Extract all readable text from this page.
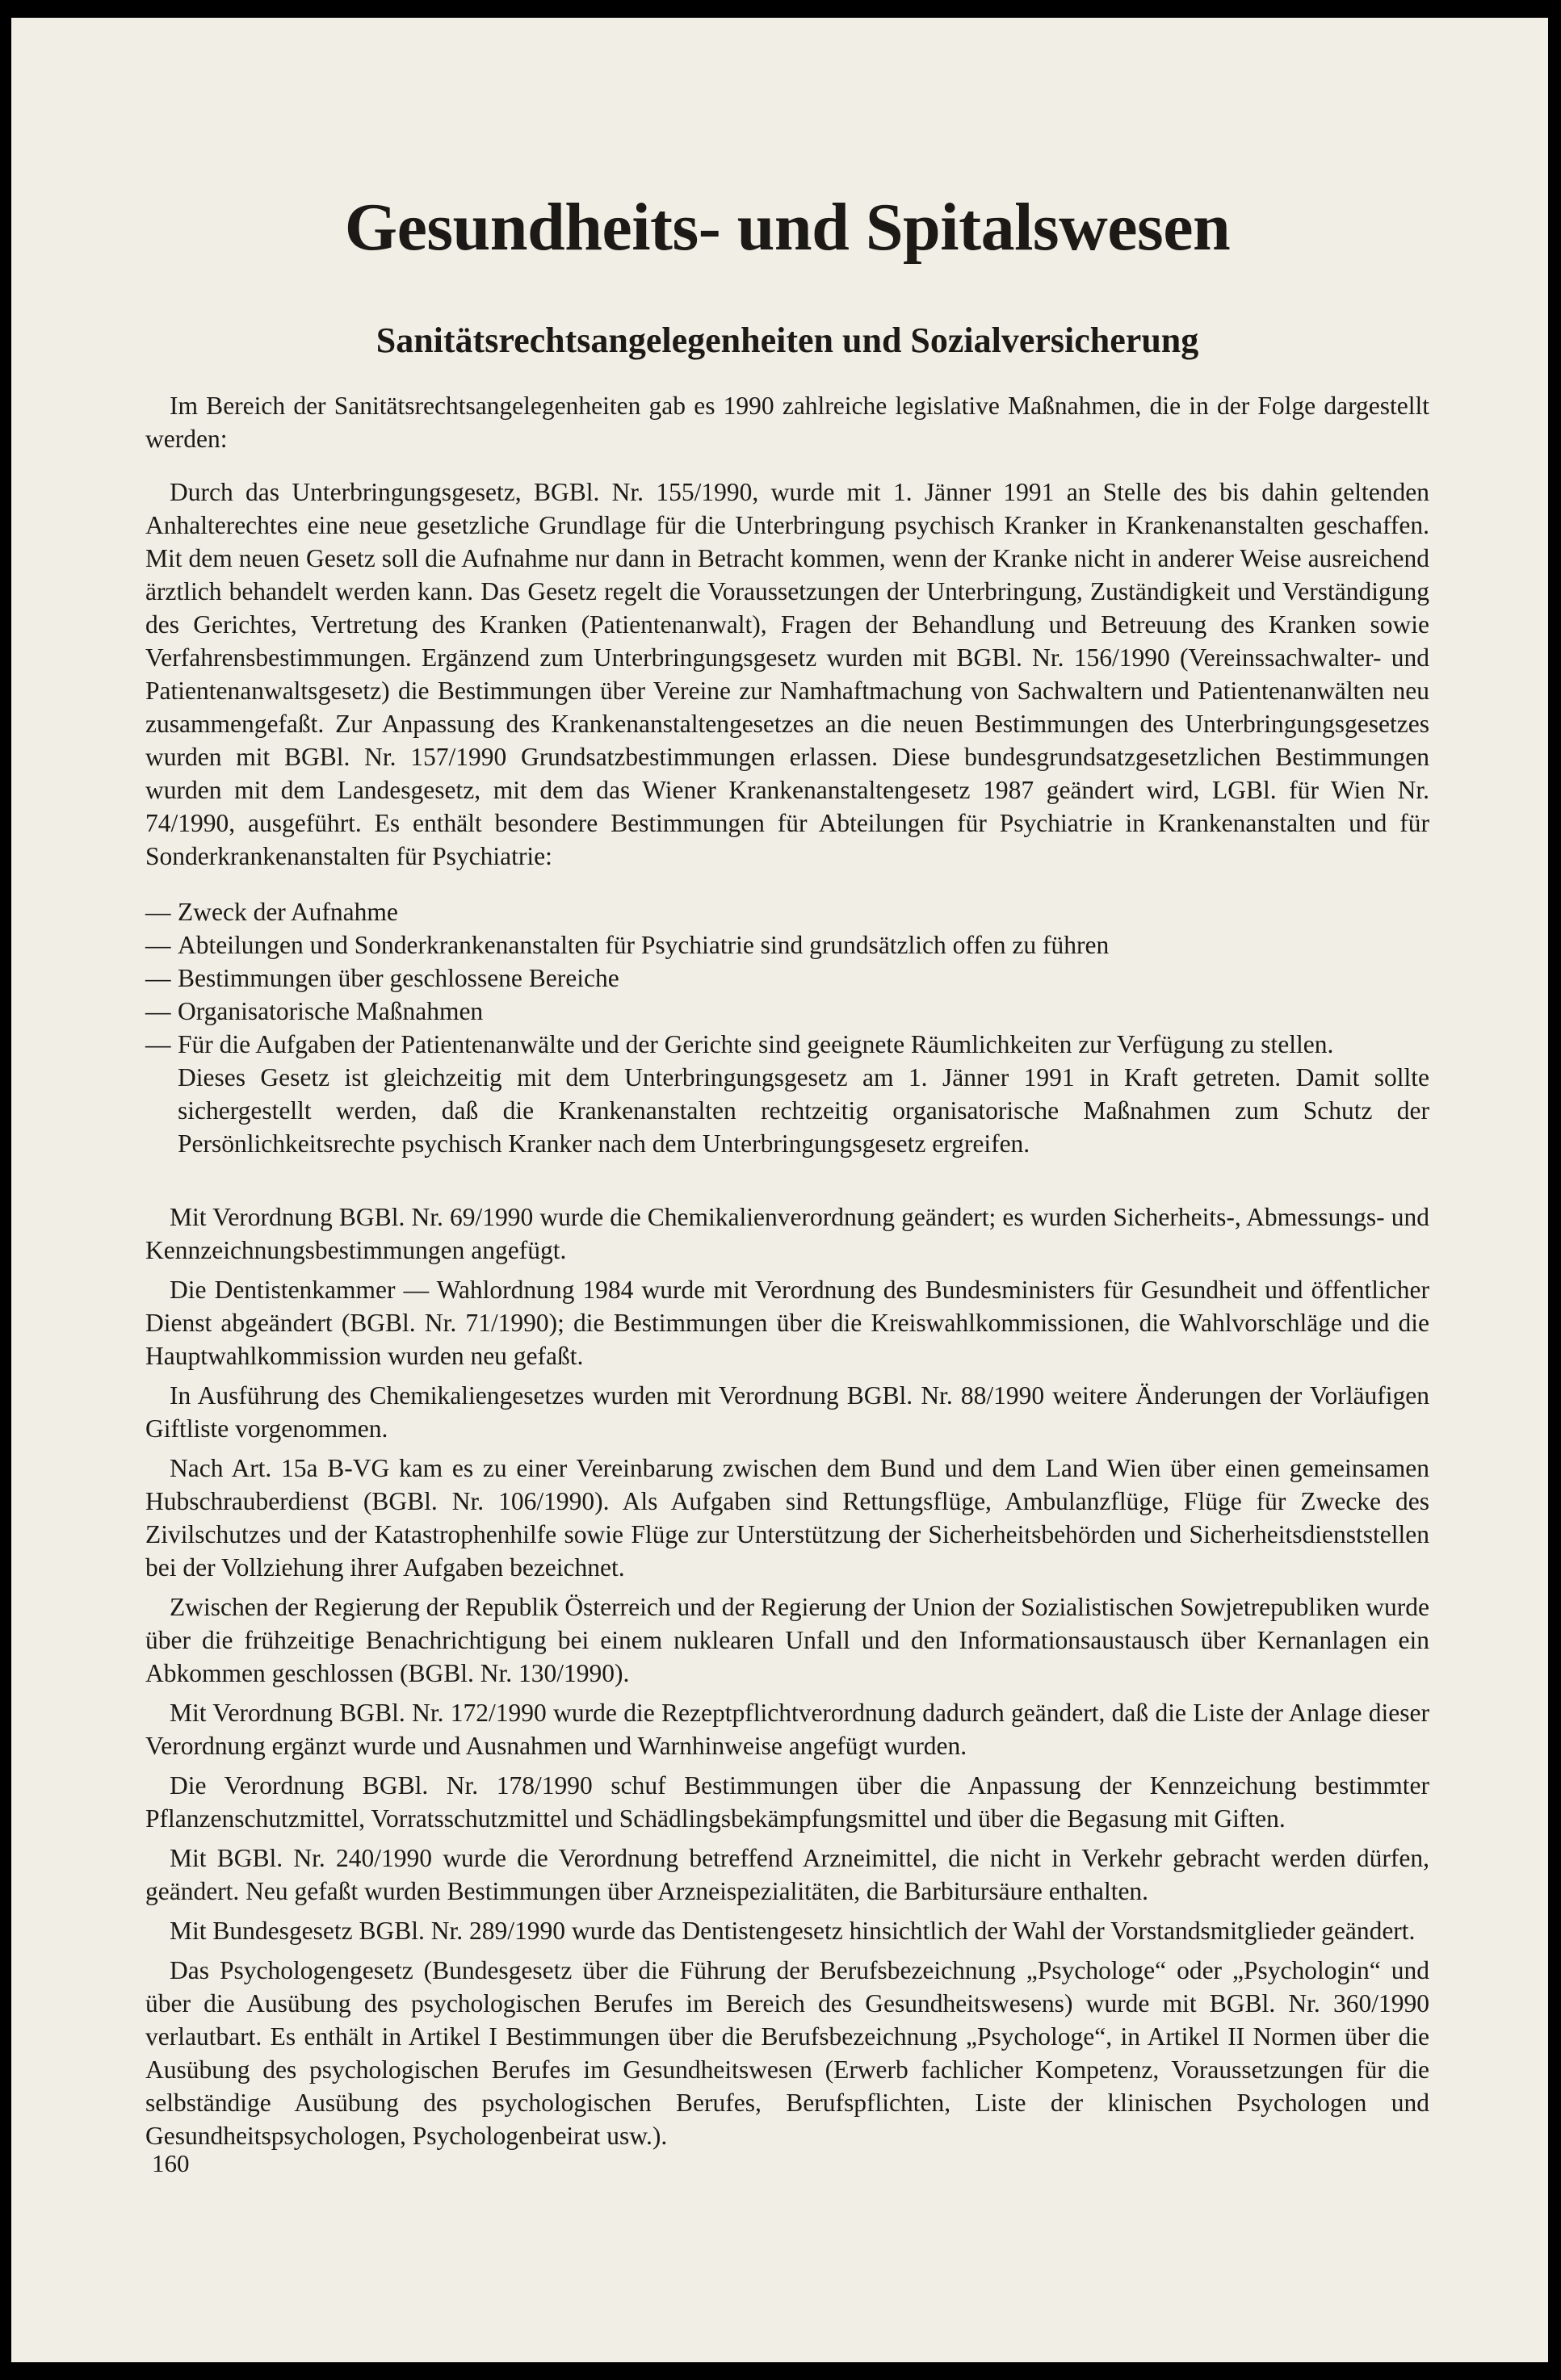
Gesundheits- und Spitalswesen
Sanitätsrechtsangelegenheiten und Sozialversicherung

Im Bereich der Sanitätsrechtsangelegenheiten gab es 1990 zahlreiche legislative Maßnahmen, die in der Folge dargestellt werden:

Durch das Unterbringungsgesetz, BGBl. Nr. 155/1990, wurde mit 1. Jänner 1991 an Stelle des bis dahin geltenden Anhalterechtes eine neue gesetzliche Grundlage für die Unterbringung psychisch Kranker in Krankenanstalten geschaffen. Mit dem neuen Gesetz soll die Aufnahme nur dann in Betracht kommen, wenn der Kranke nicht in anderer Weise ausreichend ärztlich behandelt werden kann. Das Gesetz regelt die Voraussetzungen der Unterbringung, Zuständigkeit und Verständigung des Gerichtes, Vertretung des Kranken (Patientenanwalt), Fragen der Behandlung und Betreuung des Kranken sowie Verfahrensbestimmungen. Ergänzend zum Unterbringungsgesetz wurden mit BGBl. Nr. 156/1990 (Vereinssachwalter- und Patientenanwaltsgesetz) die Bestimmungen über Vereine zur Namhaftmachung von Sachwaltern und Patientenanwälten neu zusammengefaßt. Zur Anpassung des Krankenanstaltengesetzes an die neuen Bestimmungen des Unterbringungsgesetzes wurden mit BGBl. Nr. 157/1990 Grundsatzbestimmungen erlassen. Diese bundesgrundsatzgesetzlichen Bestimmungen wurden mit dem Landesgesetz, mit dem das Wiener Krankenanstaltengesetz 1987 geändert wird, LGBl. für Wien Nr. 74/1990, ausgeführt. Es enthält besondere Bestimmungen für Abteilungen für Psychiatrie in Krankenanstalten und für Sonderkrankenanstalten für Psychiatrie:

— Zweck der Aufnahme
— Abteilungen und Sonderkrankenanstalten für Psychiatrie sind grundsätzlich offen zu führen
— Bestimmungen über geschlossene Bereiche
— Organisatorische Maßnahmen
— Für die Aufgaben der Patientenanwälte und der Gerichte sind geeignete Räumlichkeiten zur Verfügung zu stellen.
Dieses Gesetz ist gleichzeitig mit dem Unterbringungsgesetz am 1. Jänner 1991 in Kraft getreten. Damit sollte sichergestellt werden, daß die Krankenanstalten rechtzeitig organisatorische Maßnahmen zum Schutz der Persönlichkeitsrechte psychisch Kranker nach dem Unterbringungsgesetz ergreifen.

Mit Verordnung BGBl. Nr. 69/1990 wurde die Chemikalienverordnung geändert; es wurden Sicherheits-, Abmessungs- und Kennzeichnungsbestimmungen angefügt.

Die Dentistenkammer — Wahlordnung 1984 wurde mit Verordnung des Bundesministers für Gesundheit und öffentlicher Dienst abgeändert (BGBl. Nr. 71/1990); die Bestimmungen über die Kreiswahlkommissionen, die Wahlvorschläge und die Hauptwahlkommission wurden neu gefaßt.

In Ausführung des Chemikaliengesetzes wurden mit Verordnung BGBl. Nr. 88/1990 weitere Änderungen der Vorläufigen Giftliste vorgenommen.

Nach Art. 15a B-VG kam es zu einer Vereinbarung zwischen dem Bund und dem Land Wien über einen gemeinsamen Hubschrauberdienst (BGBl. Nr. 106/1990). Als Aufgaben sind Rettungsflüge, Ambulanzflüge, Flüge für Zwecke des Zivilschutzes und der Katastrophenhilfe sowie Flüge zur Unterstützung der Sicherheitsbehörden und Sicherheitsdienststellen bei der Vollziehung ihrer Aufgaben bezeichnet.

Zwischen der Regierung der Republik Österreich und der Regierung der Union der Sozialistischen Sowjetrepubliken wurde über die frühzeitige Benachrichtigung bei einem nuklearen Unfall und den Informationsaustausch über Kernanlagen ein Abkommen geschlossen (BGBl. Nr. 130/1990).

Mit Verordnung BGBl. Nr. 172/1990 wurde die Rezeptpflichtverordnung dadurch geändert, daß die Liste der Anlage dieser Verordnung ergänzt wurde und Ausnahmen und Warnhinweise angefügt wurden.

Die Verordnung BGBl. Nr. 178/1990 schuf Bestimmungen über die Anpassung der Kennzeichung bestimmter Pflanzenschutzmittel, Vorratsschutzmittel und Schädlingsbekämpfungsmittel und über die Begasung mit Giften.

Mit BGBl. Nr. 240/1990 wurde die Verordnung betreffend Arzneimittel, die nicht in Verkehr gebracht werden dürfen, geändert. Neu gefaßt wurden Bestimmungen über Arzneispezialitäten, die Barbitursäure enthalten.

Mit Bundesgesetz BGBl. Nr. 289/1990 wurde das Dentistengesetz hinsichtlich der Wahl der Vorstandsmitglieder geändert.

Das Psychologengesetz (Bundesgesetz über die Führung der Berufsbezeichnung „Psychologe“ oder „Psychologin“ und über die Ausübung des psychologischen Berufes im Bereich des Gesundheitswesens) wurde mit BGBl. Nr. 360/1990 verlautbart. Es enthält in Artikel I Bestimmungen über die Berufsbezeichnung „Psychologe“, in Artikel II Normen über die Ausübung des psychologischen Berufes im Gesundheitswesen (Erwerb fachlicher Kompetenz, Voraussetzungen für die selbständige Ausübung des psychologischen Berufes, Berufspflichten, Liste der klinischen Psychologen und Gesundheitspsychologen, Psychologenbeirat usw.).

160
